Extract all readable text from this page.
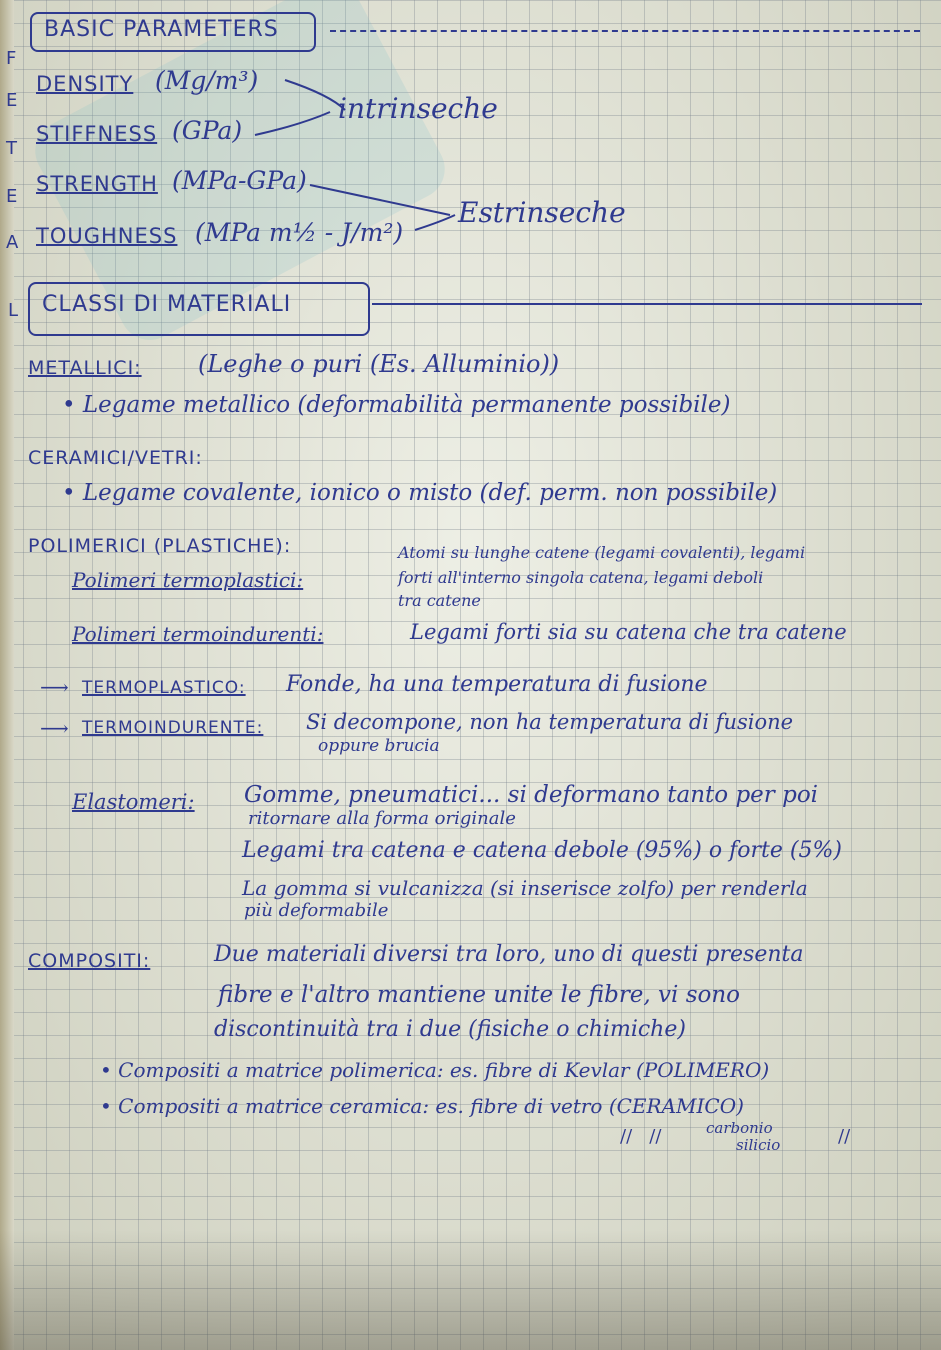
F
E
T
E
A
L
BASIC PARAMETERS
DENSITY (Mg/m³)
STIFFNESS (GPa)
STRENGTH (MPa-GPa)
TOUGHNESS (MPa m½ - J/m²)
intrinseche
Estrinseche
CLASSI DI MATERIALI
METALLICI: (Leghe o puri (Es. Alluminio))
• Legame metallico (deformabilità permanente possibile)
CERAMICI/VETRI:
• Legame covalente, ionico o misto (def. perm. non possibile)
POLIMERICI (PLASTICHE):
Polimeri termoplastici:
Atomi su lunghe catene (legami covalenti), legami
forti all'interno singola catena, legami deboli
tra catene
Polimeri termoindurenti:	Legami forti sia su catena che tra catene
⟶ TERMOPLASTICO: Fonde, ha una temperatura di fusione
⟶ TERMOINDURENTE: Si decompone, non ha temperatura di fusione
oppure brucia
Elastomeri: Gomme, pneumatici... si deformano tanto per poi
ritornare alla forma originale
Legami tra catena e catena debole (95%) o forte (5%)
La gomma si vulcanizza (si inserisce zolfo) per renderla
più deformabile
COMPOSITI:	Due materiali diversi tra loro, uno di questi presenta
fibre e l'altro mantiene unite le fibre, vi sono
discontinuità tra i due (fisiche o chimiche)
• Compositi a matrice polimerica: es. fibre di Kevlar (POLIMERO)
• Compositi a matrice ceramica: es. fibre di vetro (CERAMICO)
carbonio
silicio
//   //	//
